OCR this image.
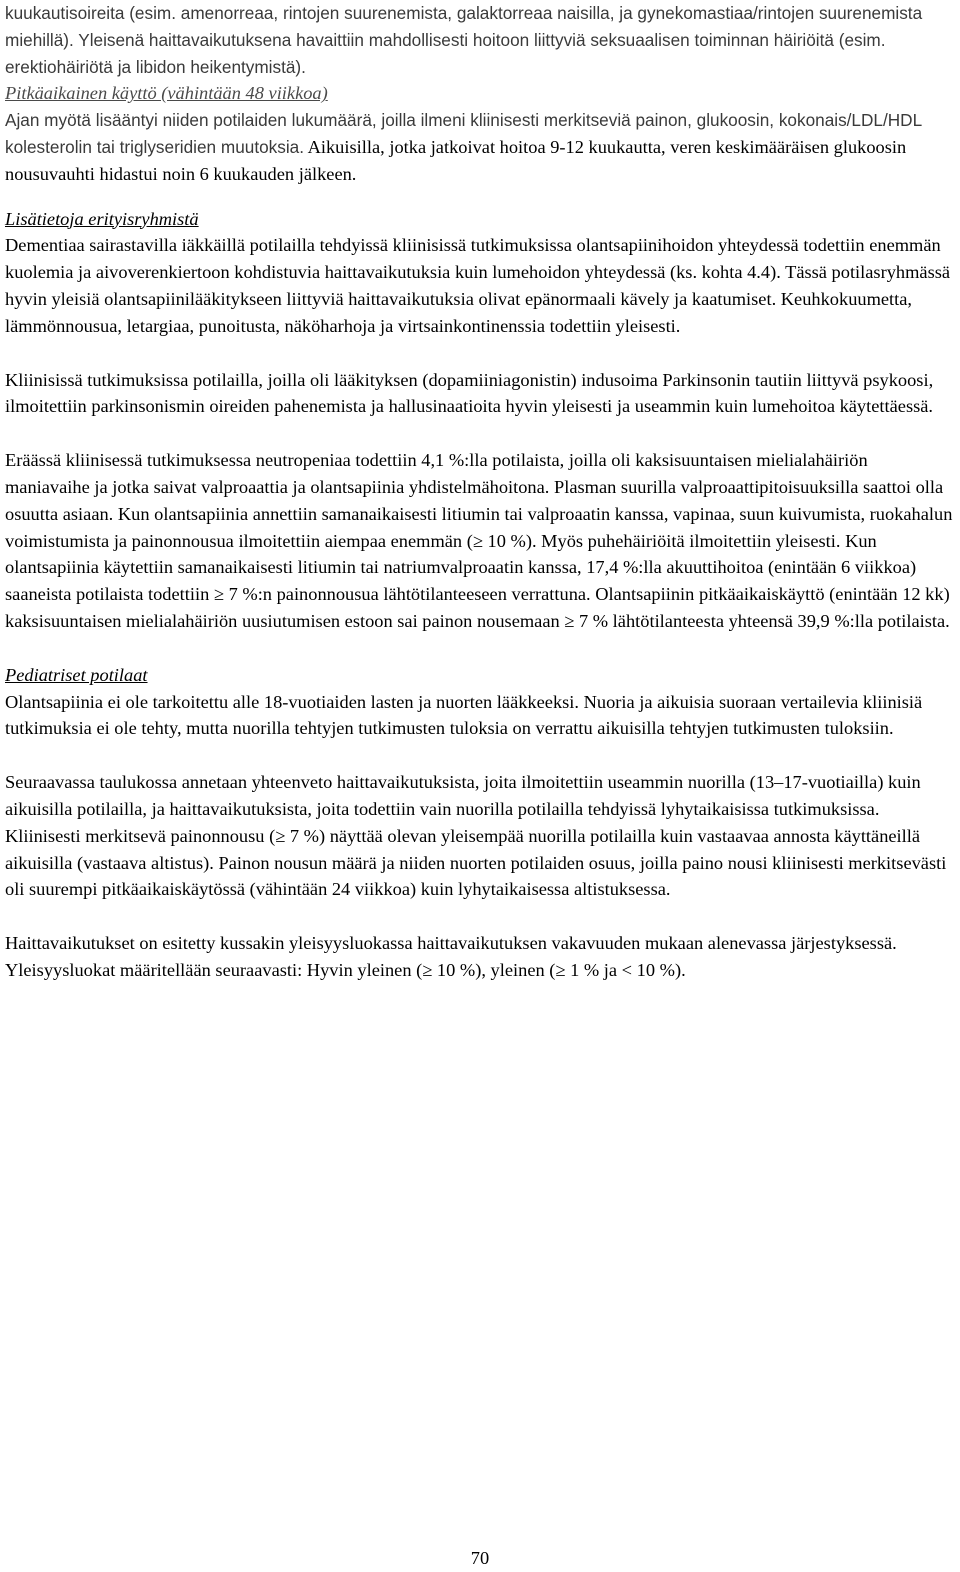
kuukautisoireita (esim. amenorreaa, rintojen suurenemista, galaktorreaa naisilla, ja gynekomastiaa/rintojen suurenemista miehillä). Yleisenä haittavaikutuksena havaittiin mahdollisesti hoitoon liittyviä seksuaalisen toiminnan häiriöitä (esim. erektiohäiriötä ja libidon heikentymistä).

Pitkäaikainen käyttö (vähintään 48 viikkoa)

Ajan myötä lisääntyi niiden potilaiden lukumäärä, joilla ilmeni kliinisesti merkitseviä painon, glukoosin, kokonais/LDL/HDL kolesterolin tai triglyseridien muutoksia. Aikuisilla, jotka jatkoivat hoitoa 9-12 kuukautta, veren keskimääräisen glukoosin nousuvauhti hidastui noin 6 kuukauden jälkeen.

Lisätietoja erityisryhmistä

Dementiaa sairastavilla iäkkäillä potilailla tehdyissä kliinisissä tutkimuksissa olantsapiinihoidon yhteydessä todettiin enemmän kuolemia ja aivoverenkiertoon kohdistuvia haittavaikutuksia kuin lumehoidon yhteydessä (ks. kohta 4.4). Tässä potilasryhmässä hyvin yleisiä olantsapiinilääkitykseen liittyviä haittavaikutuksia olivat epänormaali kävely ja kaatumiset. Keuhkokuumetta, lämmönnousua, letargiaa, punoitusta, näköharhoja ja virtsainkontinenssia todettiin yleisesti.

Kliinisissä tutkimuksissa potilailla, joilla oli lääkityksen (dopamiiniagonistin) indusoima Parkinsonin tautiin liittyvä psykoosi, ilmoitettiin parkinsonismin oireiden pahenemista ja hallusinaatioita hyvin yleisesti ja useammin kuin lumehoitoa käytettäessä.

Eräässä kliinisessä tutkimuksessa neutropeniaa todettiin 4,1 %:lla potilaista, joilla oli kaksisuuntaisen mielialahäiriön maniavaihe ja jotka saivat valproaattia ja olantsapiinia yhdistelmähoitona. Plasman suurilla valproaattipitoisuuksilla saattoi olla osuutta asiaan. Kun olantsapiinia annettiin samanaikaisesti litiumin tai valproaatin kanssa, vapinaa, suun kuivumista, ruokahalun voimistumista ja painonnousua ilmoitettiin aiempaa enemmän (≥ 10 %). Myös puhehäiriöitä ilmoitettiin yleisesti. Kun olantsapiinia käytettiin samanaikaisesti litiumin tai natriumvalproaatin kanssa, 17,4 %:lla akuuttihoitoa (enintään 6 viikkoa) saaneista potilaista todettiin ≥ 7 %:n painonnousua lähtötilanteeseen verrattuna. Olantsapiinin pitkäaikaiskäyttö (enintään 12 kk) kaksisuuntaisen mielialahäiriön uusiutumisen estoon sai painon nousemaan ≥ 7 % lähtötilanteesta yhteensä 39,9 %:lla potilaista.

Pediatriset potilaat

Olantsapiinia ei ole tarkoitettu alle 18-vuotiaiden lasten ja nuorten lääkkeeksi. Nuoria ja aikuisia suoraan vertailevia kliinisiä tutkimuksia ei ole tehty, mutta nuorilla tehtyjen tutkimusten tuloksia on verrattu aikuisilla tehtyjen tutkimusten tuloksiin.

Seuraavassa taulukossa annetaan yhteenveto haittavaikutuksista, joita ilmoitettiin useammin nuorilla (13–17-vuotiailla) kuin aikuisilla potilailla, ja haittavaikutuksista, joita todettiin vain nuorilla potilailla tehdyissä lyhytaikaisissa tutkimuksissa. Kliinisesti merkitsevä painonnousu (≥ 7 %) näyttää olevan yleisempää nuorilla potilailla kuin vastaavaa annosta käyttäneillä aikuisilla (vastaava altistus). Painon nousun määrä ja niiden nuorten potilaiden osuus, joilla paino nousi kliinisesti merkitsevästi oli suurempi pitkäaikaiskäytössä (vähintään 24 viikkoa) kuin lyhytaikaisessa altistuksessa.

Haittavaikutukset on esitetty kussakin yleisyysluokassa haittavaikutuksen vakavuuden mukaan alenevassa järjestyksessä. Yleisyysluokat määritellään seuraavasti: Hyvin yleinen (≥ 10 %), yleinen (≥ 1 % ja < 10 %).

70
